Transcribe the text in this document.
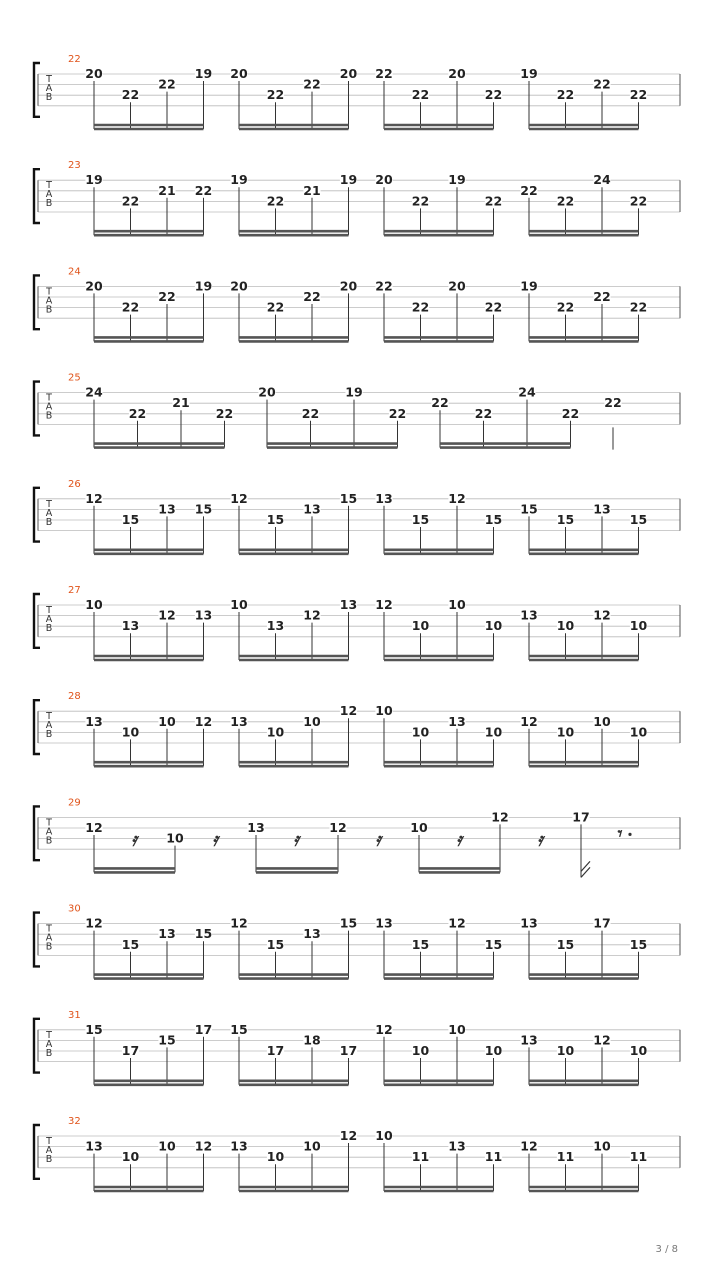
T
A
B
22
20
22
22
19 20
22
22
20 22
22
20
22
19
22
22
22
T
A
B
23
19
22
21 22
19
22
21
19 20
22
19
22
22
22
24
22
T
A
B
24
20
22
22
19 20
22
22
20 22
22
20
22
19
22
22
22
T
A
B
25
24
22
21
22
20
22
19
22
22
22
24
22
22
T
A
B
26
12
15
13 15
12
15
13
15 13
15
12
15
15
15
13
15
T
A
B
27
10
13
12 13
10
13
12
13 12
10
10
10
13
10
12
10
T
A
B
28
13
10
10 12 13
10
10
12 10
10
13
10
12
10
10
10
T
A
B
29
12
10
13	12	10
12	17
𝄿	𝄿	𝄿	𝄿	𝄿	𝄿	𝄾
T
A
B
30
12
15
13 15
12
15
13
15 13
15
12
15
13
15
17
15
T
A
B
31
15
17
15
17 15
17
18
17
12
10
10
10
13
10
12
10
T
A
B
32
13
10
10 12 13
10
10
12 10
11
13
11
12
11
10
11
3 / 8
